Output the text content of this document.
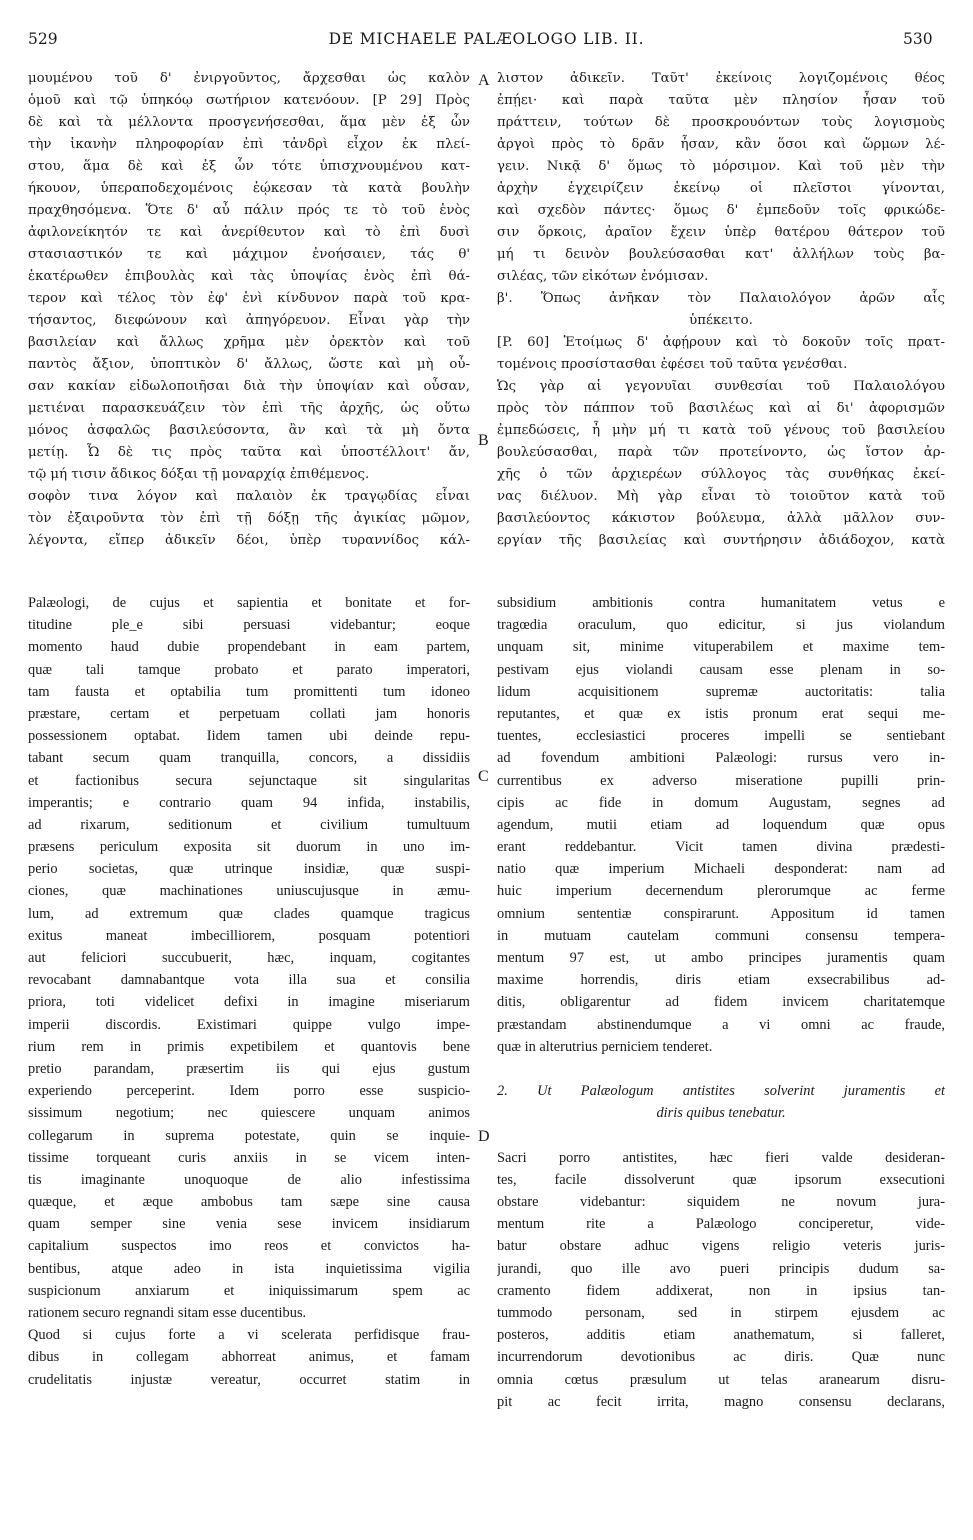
529	DE MICHAELE PALÆOLOGO LIB. II.	530
μουμένου τοῦ δ' ἐνιργοῦντος, ἄρχεσθαι ὡς καλὸν
ὁμοῦ καὶ τῷ ὑπηκόῳ σωτήριον κατενόουν. [P 29] Πρὸς
δὲ καὶ τὰ μέλλοντα προσγενήσεσθαι, ἅμα μὲν ἐξ ὧν
τὴν ἱκανὴν πληροφορίαν ἐπὶ τἀνδρὶ εἶχον ἐκ πλεί-
στου, ἅμα δὲ καὶ ἐξ ὧν τότε ὑπισχνουμένου κατ-
ήκουον, ὑπεραποδεχομένοις ἐῴκεσαν τὰ κατὰ βουλὴν
πραχθησόμενα. Ὅτε δ' αὖ πάλιν πρός τε τὸ τοῦ ἑνὸς
ἀφιλονείκητόν τε καὶ ἀνερίθευτον καὶ τὸ ἐπὶ δυσὶ
στασιαστικόν τε καὶ μάχιμον ἐνοήσαιεν, τάς θ'
ἑκατέρωθεν ἐπιβουλὰς καὶ τὰς ὑποψίας ἑνὸς ἐπὶ θά-
τερον καὶ τέλος τὸν ἐφ' ἑνὶ κίνδυνον παρὰ τοῦ κρα-
τήσαντος, διεφώνουν καὶ ἀπηγόρευον. Εἶναι γὰρ τὴν
βασιλείαν καὶ ἄλλως χρῆμα μὲν ὀρεκτὸν καὶ τοῦ
παντὸς ἄξιον, ὑποπτικὸν δ' ἄλλως, ὥστε καὶ μὴ οὖ-
σαν κακίαν εἰδωλοποιῆσαι διὰ τὴν ὑποψίαν καὶ οὖσαν,
μετιέναι παρασκευάζειν τὸν ἐπὶ τῆς ἀρχῆς, ὡς οὕτω
μόνος ἀσφαλῶς βασιλεύσοντα, ἂν καὶ τὰ μὴ ὄντα
μετίῃ. Ὦ δὲ τις πρὸς ταῦτα καὶ ὑποστέλλοιτ' ἄν,
τῷ μή τισιν ἄδικος δόξαι τῇ μοναρχίᾳ ἐπιθέμενος.
σοφὸν τινα λόγον καὶ παλαιὸν ἐκ τραγῳδίας εἶναι
τὸν ἐξαιροῦντα τὸν ἐπὶ τῇ δόξῃ τῆς ἀγικίας μῶμον,
λέγοντα, εἴπερ ἀδικεῖν δέοι, ὑπὲρ τυραννίδος κάλ-
λιστον ἀδικεῖν. Ταῦτ' ἐκείνοις λογιζομένοις θέος
ἐπῄει· καὶ παρὰ ταῦτα μὲν πλησίον ἦσαν τοῦ
πράττειν, τούτων δὲ προσκρουόντων τοὺς λογισμοὺς
ἀργοὶ πρὸς τὸ δρᾶν ἦσαν, κἂν ὅσοι καὶ ὥρμων λέ-
γειν. Νικᾷ δ' ὅμως τὸ μόρσιμον. Καὶ τοῦ μὲν τὴν
ἀρχὴν ἐγχειρίζειν ἐκείνῳ οἱ πλεῖστοι γίνονται,
καὶ σχεδὸν πάντες· ὅμως δ' ἐμπεδοῦν τοῖς φρικώδε-
σιν ὅρκοις, ἀραῖον ἔχειν ὑπὲρ θατέρου θάτερον τοῦ
μή τι δεινὸν βουλεύσασθαι κατ' ἀλλήλων τοὺς βα-
σιλέας, τῶν εἰκότων ἐνόμισαν.
β'. Ὅπως ἀνῆκαν τὸν Παλαιολόγον ἀρῶν αἷς
ὑπέκειτο.
[P. 60] Ἑτοίμως δ' ἀφῄρουν καὶ τὸ δοκοῦν τοῖς πρατ-
τομένοις προσίστασθαι ἐφέσει τοῦ ταῦτα γενέσθαι.
Ὡς γὰρ αἱ γεγονυῖαι συνθεσίαι τοῦ Παλαιολόγου
πρὸς τὸν πάππον τοῦ βασιλέως καὶ αἱ δι' ἀφορισμῶν
ἐμπεδώσεις, ἦ μὴν μή τι κατὰ τοῦ γένους τοῦ βασιλείου
βουλεύσασθαι, παρὰ τῶν προτείνοντο, ὡς ἴστον ἀρ-
χῆς ὁ τῶν ἀρχιερέων σύλλογος τὰς συνθήκας ἐκεί-
νας διέλυον. Μὴ γὰρ εἶναι τὸ τοιοῦτον κατὰ τοῦ
βασιλεύοντος κάκιστον βούλευμα, ἀλλὰ μᾶλλον συν-
εργίαν τῆς βασιλείας καὶ συντήρησιν ἀδιάδοχον, κατὰ
Palæologi, de cujus et sapientia et bonitate et for-
titudine ple_e sibi persuasi videbantur; eoque
momento haud dubie propendebant in eam partem,
quæ tali tamque probato et parato imperatori,
tam fausta et optabilia tum promittenti tum idoneo
præstare, certam et perpetuam collati jam honoris
possessionem optabat. Iidem tamen ubi deinde repu-
tabant secum quam tranquilla, concors, a dissidiis
et factionibus secura sejunctaque sit singularitas
imperantis; e contrario quam 94 infida, instabilis,
ad rixarum, seditionum et civilium tumultuum
præsens periculum exposita sit duorum in uno im-
perio societas, quæ utrinque insidiæ, quæ suspi-
ciones, quæ machinationes uniuscujusque in æmu-
lum, ad extremum quæ clades quamque tragicus
exitus maneat imbecilliorem, posquam potentiori
aut feliciori succubuerit, hæc, inquam, cogitantes
revocabant damnabantque vota illa sua et consilia
priora, toti videlicet defixi in imagine miseriarum
imperii discordis. Existimari quippe vulgo impe-
rium rem in primis expetibilem et quantovis bene
pretio parandam, præsertim iis qui ejus gustum
experiendo perceperint. Idem porro esse suspicio-
sissimum negotium; nec quiescere unquam animos
collegarum in suprema potestate, quin se inquie-
tissime torqueant curis anxiis in se vicem inten-
tis imaginante unoquoque de alio infestissima
quæque, et æque ambobus tam sæpe sine causa
quam semper sine venia sese invicem insidiarum
capitalium suspectos imo reos et convictos ha-
bentibus, atque adeo in ista inquietissima vigilia
suspicionum anxiarum et iniquissimarum spem ac
rationem securo regnandi sitam esse ducentibus.
Quod si cujus forte a vi scelerata perfidisque frau-
dibus in collegam abhorreat animus, et famam
crudelitatis injustæ vereatur, occurret statim in
subsidium ambitionis contra humanitatem vetus e
tragœdia oraculum, quo edicitur, si jus violandum
unquam sit, minime vituperabilem et maxime tem-
pestivam ejus violandi causam esse plenam in so-
lidum acquisitionem supremæ auctoritatis: talia
reputantes, et quæ ex istis pronum erat sequi me-
tuentes, ecclesiastici proceres impelli se sentiebant
ad fovendum ambitioni Palæologi: rursus vero in-
currentibus ex adverso miseratione pupilli prin-
cipis ac fide in domum Augustam, segnes ad
agendum, mutii etiam ad loquendum quæ opus
erant reddebantur. Vicit tamen divina prædesti-
natio quæ imperium Michaeli desponderat: nam ad
huic imperium decernendum plerorumque ac ferme
omnium sententiæ conspirarunt. Appositum id tamen
in mutuam cautelam communi consensu tempera-
mentum 97 est, ut ambo principes juramentis quam
maxime horrendis, diris etiam exsecrabilibus ad-
ditis, obligarentur ad fidem invicem charitatemque
præstandam abstinendumque a vi omni ac fraude,
quæ in alterutrius perniciem tenderet.

2. Ut Palæologum antistites solverint juramentis et
diris quibus tenebatur.

Sacri porro antistites, hæc fieri valde desideran-
tes, facile dissolverunt quæ ipsorum exsecutioni
obstare videbantur: siquidem ne novum jura-
mentum rite a Palæologo conciperetur, vide-
batur obstare adhuc vigens religio veteris juris-
jurandi, quo ille avo pueri principis dudum sa-
cramento fidem addixerat, non in ipsius tan-
tummodo personam, sed in stirpem ejusdem ac
posteros, additis etiam anathematum, si falleret,
incurrendorum devotionibus ac diris. Quæ nunc
omnia cœtus præsulum ut telas aranearum disru-
pit ac fecit irrita, magno consensu declarans,
A
B
C
D
